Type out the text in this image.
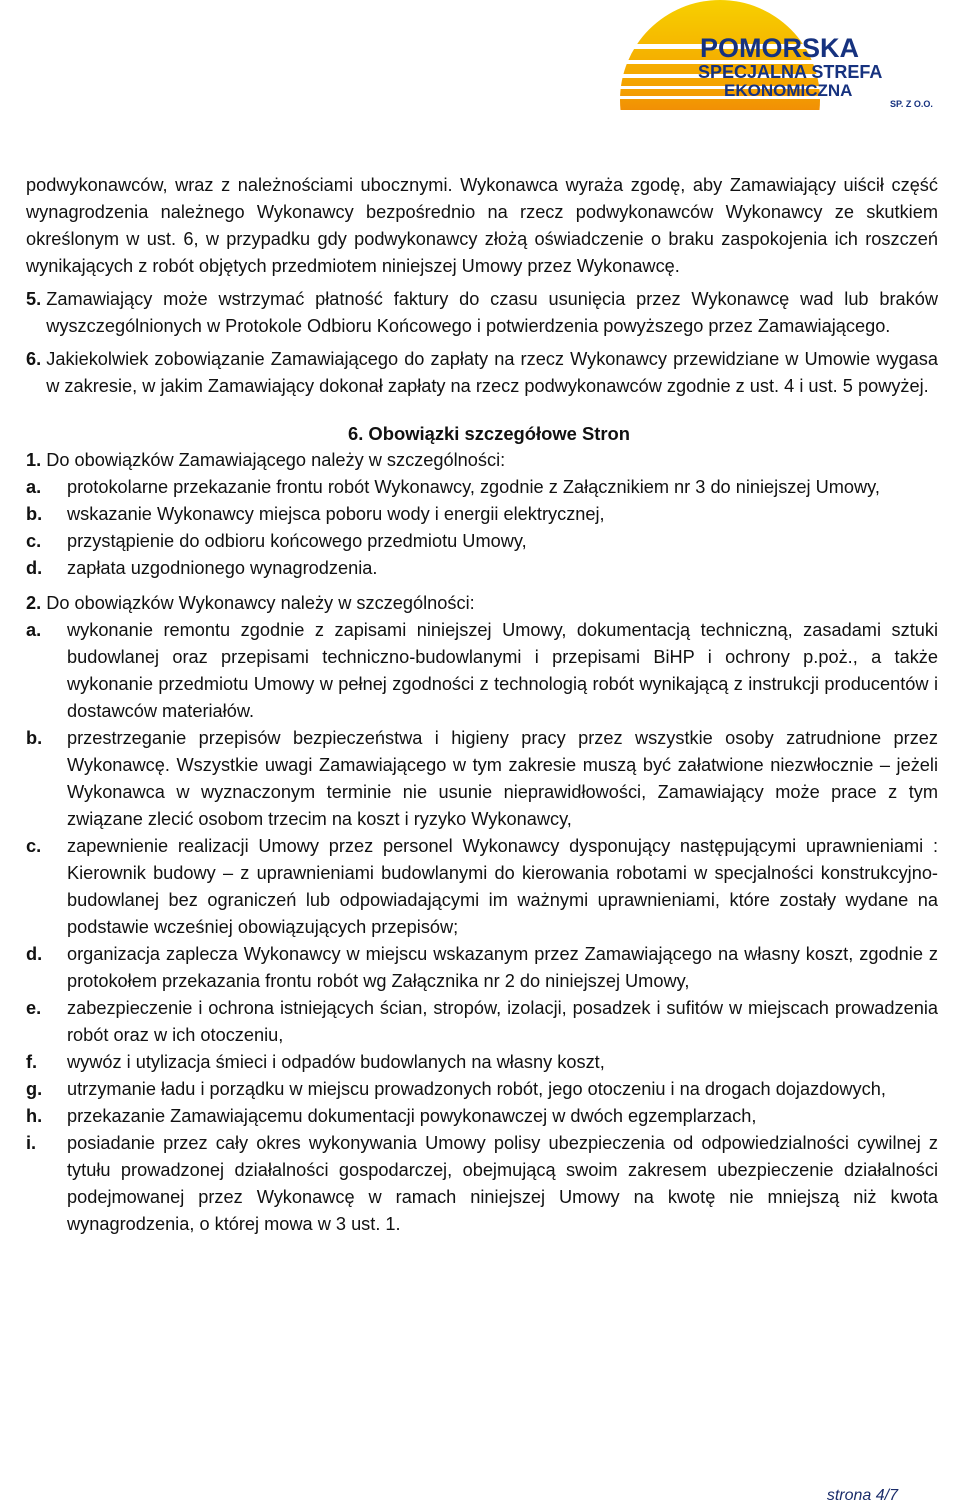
POMORSKA
SPECJALNA STREFA
EKONOMICZNA
SP. Z O.O.
podwykonawców, wraz z należnościami ubocznymi. Wykonawca wyraża zgodę, aby Zamawiający uiścił część wynagrodzenia należnego Wykonawcy bezpośrednio na rzecz podwykonawców Wykonawcy ze skutkiem określonym w ust. 6, w przypadku gdy podwykonawcy złożą oświadczenie o braku zaspokojenia ich roszczeń wynikających z robót objętych przedmiotem niniejszej Umowy przez Wykonawcę.
5. Zamawiający może wstrzymać płatność faktury do czasu usunięcia przez Wykonawcę wad lub braków wyszczególnionych w Protokole Odbioru Końcowego i potwierdzenia powyższego przez Zamawiającego.
6. Jakiekolwiek zobowiązanie Zamawiającego do zapłaty na rzecz Wykonawcy przewidziane w Umowie wygasa w zakresie, w jakim Zamawiający dokonał zapłaty na rzecz podwykonawców zgodnie z ust. 4 i ust. 5 powyżej.
6. Obowiązki szczegółowe Stron
1. Do obowiązków Zamawiającego należy w szczególności:
a.	protokolarne przekazanie frontu robót Wykonawcy, zgodnie z Załącznikiem nr 3 do niniejszej Umowy,
b.	wskazanie Wykonawcy miejsca poboru wody i energii elektrycznej,
c.	przystąpienie do odbioru końcowego przedmiotu Umowy,
d.	zapłata uzgodnionego wynagrodzenia.
2. Do obowiązków Wykonawcy należy w szczególności:
a.	wykonanie remontu zgodnie z zapisami niniejszej Umowy, dokumentacją techniczną, zasadami sztuki budowlanej oraz przepisami techniczno-budowlanymi i przepisami BiHP i ochrony p.poż., a także wykonanie przedmiotu Umowy w pełnej zgodności z technologią robót wynikającą z instrukcji producentów i dostawców materiałów.
b.	przestrzeganie przepisów bezpieczeństwa i higieny pracy przez wszystkie osoby zatrudnione przez Wykonawcę. Wszystkie uwagi Zamawiającego w tym zakresie muszą być załatwione niezwłocznie – jeżeli Wykonawca w wyznaczonym terminie nie usunie nieprawidłowości, Zamawiający może prace z tym związane zlecić osobom trzecim na koszt i ryzyko Wykonawcy,
c.	zapewnienie realizacji Umowy przez personel Wykonawcy dysponujący następującymi uprawnieniami : Kierownik budowy – z uprawnieniami budowlanymi do kierowania robotami w specjalności konstrukcyjno-budowlanej bez ograniczeń lub odpowiadającymi im ważnymi uprawnieniami, które zostały wydane na podstawie wcześniej obowiązujących przepisów;
d.	organizacja zaplecza Wykonawcy w miejscu wskazanym przez Zamawiającego na własny koszt, zgodnie z protokołem przekazania frontu robót wg Załącznika nr 2 do niniejszej Umowy,
e.	zabezpieczenie i ochrona istniejących ścian, stropów, izolacji, posadzek i sufitów w miejscach prowadzenia robót oraz w ich otoczeniu,
f.	wywóz i utylizacja śmieci i odpadów budowlanych na własny koszt,
g.	utrzymanie ładu i porządku w miejscu prowadzonych robót, jego otoczeniu i na drogach dojazdowych,
h.	przekazanie Zamawiającemu dokumentacji powykonawczej w dwóch egzemplarzach,
i.	posiadanie przez cały okres wykonywania Umowy polisy ubezpieczenia od odpowiedzialności cywilnej z tytułu prowadzonej działalności gospodarczej, obejmującą swoim zakresem ubezpieczenie działalności podejmowanej przez Wykonawcę w ramach niniejszej Umowy na kwotę nie mniejszą niż kwota wynagrodzenia, o której mowa w 3 ust. 1.
strona 4/7
